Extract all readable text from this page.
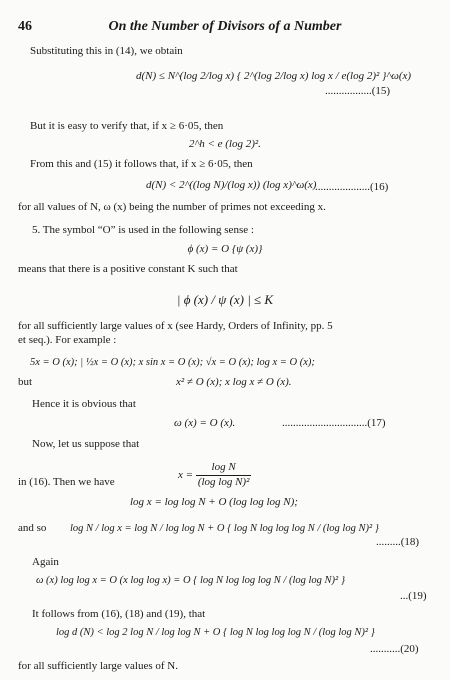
46	On the Number of Divisors of a Number
Substituting this in (14), we obtain
d(N) ≤ N^(log 2/log x) { 2^(log 2/log x) log x / e(log 2)² }^ω(x)
.................(15)
But it is easy to verify that, if x ≥ 6·05, then
2^h < e (log 2)².
From this and (15) it follows that, if x ≥ 6·05, then
d(N) < 2^((log N)/(log x)) (log x)^ω(x)
....................(16)
for all values of N, ω (x) being the number of primes not exceeding x.
5. The symbol “O” is used in the following sense :
ϕ (x) = O {ψ (x)}
means that there is a positive constant K such that
| ϕ (x) / ψ (x) | ≤ K
for all sufficiently large values of x (see Hardy, Orders of Infinity, pp. 5
et seq.). For example :
5x = O (x); | ½x = O (x); x sin x = O (x); √x = O (x); log x = O (x);
but	x² ≠ O (x); x log x ≠ O (x).
Hence it is obvious that
ω (x) = O (x).	...............................(17)
Now, let us suppose that
$x = \frac{\text{log N}}{\text{(log log N)²}}$
in (16). Then we have
log x = log log N + O (log log log N);
and so log N / log x = log N / log log N + O { log N log log log N / (log log N)² }
.........(18)
Again
ω (x) log log x = O (x log log x) = O { log N log log log N / (log log N)² }
...(19)
It follows from (16), (18) and (19), that
log d (N) < log 2 log N / log log N + O { log N log log log N / (log log N)² }
...........(20)
for all sufficiently large values of N.
